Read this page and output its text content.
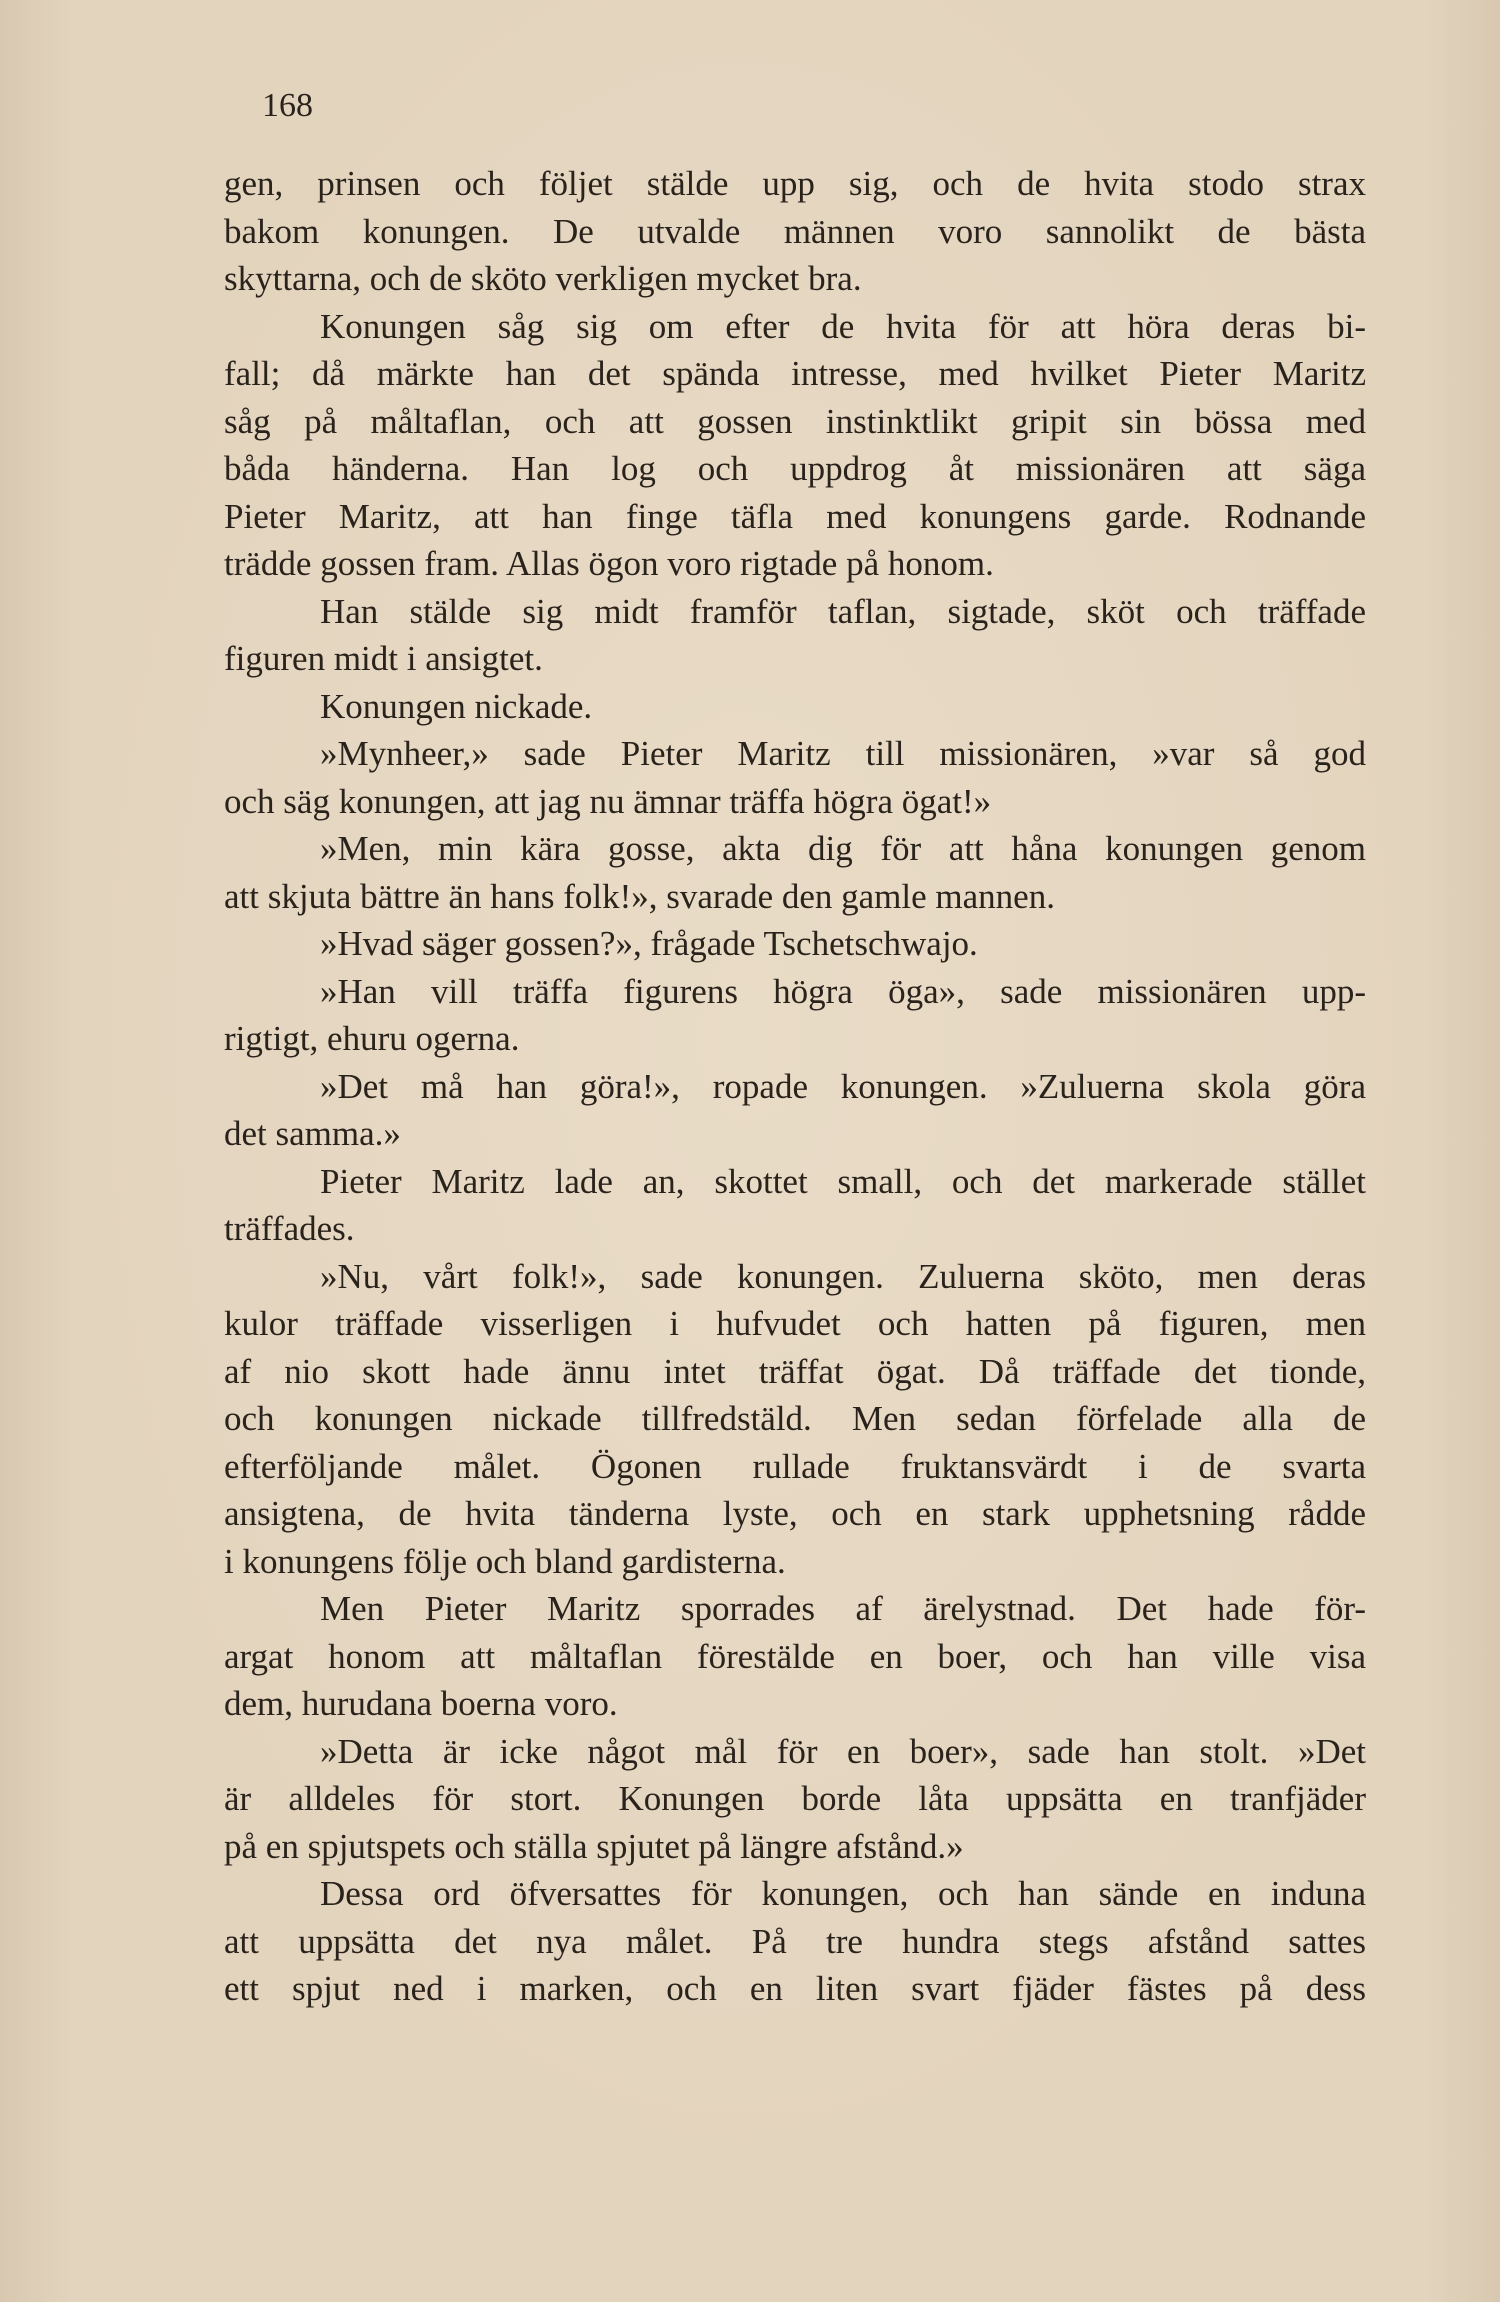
168

gen, prinsen och följet stälde upp sig, och de hvita stodo strax

bakom konungen. De utvalde männen voro sannolikt de bästa

skyttarna, och de sköto verkligen mycket bra.

Konungen såg sig om efter de hvita för att höra deras bi-

fall; då märkte han det spända intresse, med hvilket Pieter Maritz

såg på måltaflan, och att gossen instinktlikt gripit sin bössa med

båda händerna. Han log och uppdrog åt missionären att säga

Pieter Maritz, att han finge täfla med konungens garde. Rodnande

trädde gossen fram. Allas ögon voro rigtade på honom.

Han stälde sig midt framför taflan, sigtade, sköt och träffade

figuren midt i ansigtet.

Konungen nickade.

»Mynheer,» sade Pieter Maritz till missionären, »var så god

och säg konungen, att jag nu ämnar träffa högra ögat!»

»Men, min kära gosse, akta dig för att håna konungen genom

att skjuta bättre än hans folk!», svarade den gamle mannen.

»Hvad säger gossen?», frågade Tschetschwajo.

»Han vill träffa figurens högra öga», sade missionären upp-

rigtigt, ehuru ogerna.

»Det må han göra!», ropade konungen. »Zuluerna skola göra

det samma.»

Pieter Maritz lade an, skottet small, och det markerade stället

träffades.

»Nu, vårt folk!», sade konungen. Zuluerna sköto, men deras

kulor träffade visserligen i hufvudet och hatten på figuren, men

af nio skott hade ännu intet träffat ögat. Då träffade det tionde,

och konungen nickade tillfredstäld. Men sedan förfelade alla de

efterföljande målet. Ögonen rullade fruktansvärdt i de svarta

ansigtena, de hvita tänderna lyste, och en stark upphetsning rådde

i konungens följe och bland gardisterna.

Men Pieter Maritz sporrades af ärelystnad. Det hade för-

argat honom att måltaflan förestälde en boer, och han ville visa

dem, hurudana boerna voro.

»Detta är icke något mål för en boer», sade han stolt. »Det

är alldeles för stort. Konungen borde låta uppsätta en tranfjäder

på en spjutspets och ställa spjutet på längre afstånd.»

Dessa ord öfversattes för konungen, och han sände en induna

att uppsätta det nya målet. På tre hundra stegs afstånd sattes

ett spjut ned i marken, och en liten svart fjäder fästes på dess
